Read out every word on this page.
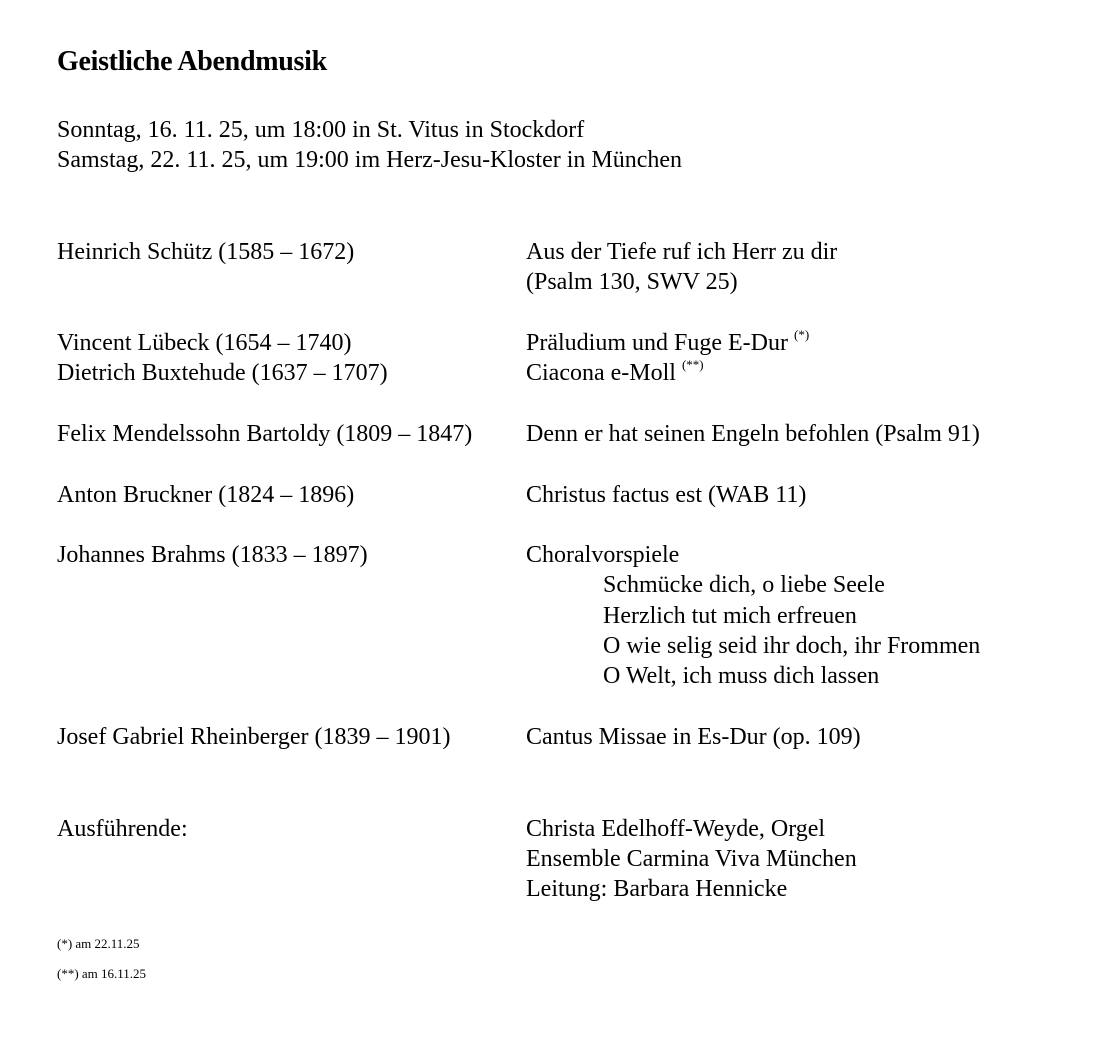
Geistliche Abendmusik
Sonntag, 16. 11. 25, um 18:00 in St. Vitus in Stockdorf
Samstag, 22. 11. 25, um 19:00 im Herz-Jesu-Kloster in München
Heinrich Schütz (1585 – 1672)	Aus der Tiefe ruf ich Herr zu dir
(Psalm 130, SWV 25)
Vincent Lübeck (1654 – 1740)	Präludium und Fuge E-Dur (*)
Dietrich Buxtehude (1637 – 1707)	Ciacona e-Moll (**)
Felix Mendelssohn Bartoldy (1809 – 1847) Denn er hat seinen Engeln befohlen (Psalm 91)
Anton Bruckner (1824 – 1896)	Christus factus est (WAB 11)
Johannes Brahms (1833 – 1897)	Choralvorspiele
Schmücke dich, o liebe Seele
Herzlich tut mich erfreuen
O wie selig seid ihr doch, ihr Frommen
O Welt, ich muss dich lassen
Josef Gabriel Rheinberger (1839 – 1901)	Cantus Missae in Es-Dur (op. 109)
Ausführende:	Christa Edelhoff-Weyde, Orgel
Ensemble Carmina Viva München
Leitung: Barbara Hennicke
(*) am 22.11.25
(**) am 16.11.25
